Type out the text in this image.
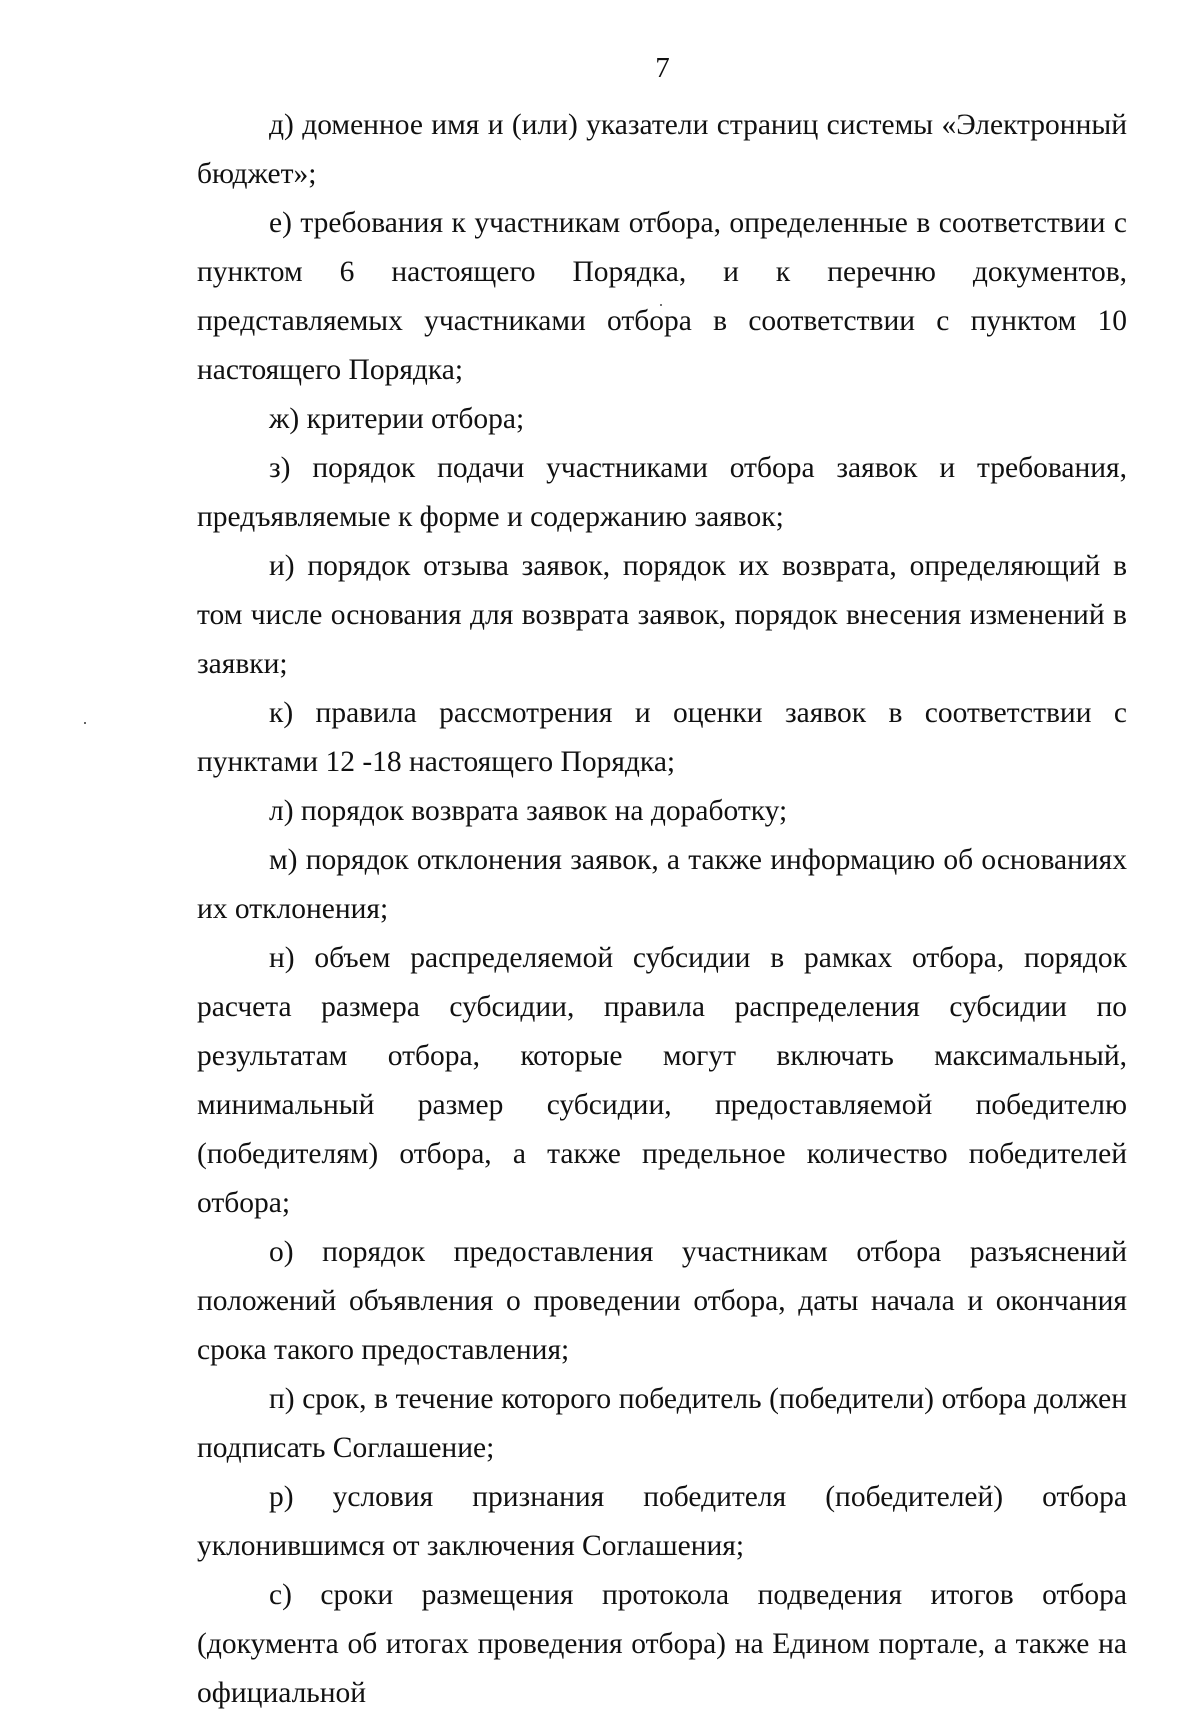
7

д) доменное имя и (или) указатели страниц системы «Электронный бюджет»;

е) требования к участникам отбора, определенные в соответствии с пунктом 6 настоящего Порядка, и к перечню документов, представляемых участниками отбора в соответствии с пунктом 10 настоящего Порядка;

ж) критерии отбора;

з) порядок подачи участниками отбора заявок и требования, предъявляемые к форме и содержанию заявок;

и) порядок отзыва заявок, порядок их возврата, определяющий в том числе основания для возврата заявок, порядок внесения изменений в заявки;

к) правила рассмотрения и оценки заявок в соответствии с пунктами 12 -18 настоящего Порядка;

л) порядок возврата заявок на доработку;

м) порядок отклонения заявок, а также информацию об основаниях их отклонения;

н) объем распределяемой субсидии в рамках отбора, порядок расчета размера субсидии, правила распределения субсидии по результатам отбора, которые могут включать максимальный, минимальный размер субсидии, предоставляемой победителю (победителям) отбора, а также предельное количество победителей отбора;

о) порядок предоставления участникам отбора разъяснений положений объявления о проведении отбора, даты начала и окончания срока такого предоставления;

п) срок, в течение которого победитель (победители) отбора должен подписать Соглашение;

р) условия признания победителя (победителей) отбора уклонившимся от заключения Соглашения;

с) сроки размещения протокола подведения итогов отбора (документа об итогах проведения отбора) на Едином портале, а также на официальной
